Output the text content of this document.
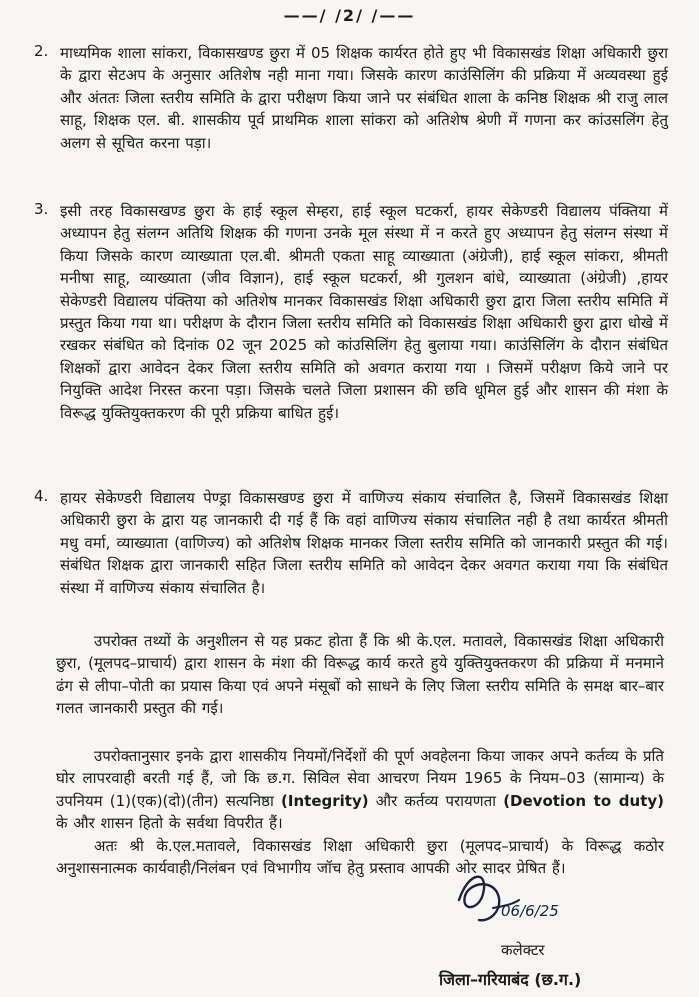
——/ /2/ /——
2. माध्यमिक शाला सांकरा, विकासखण्ड छुरा में 05 शिक्षक कार्यरत होते हुए भी विकासखंड शिक्षा अधिकारी छुरा के द्वारा सेटअप के अनुसार अतिशेष नही माना गया। जिसके कारण काउंसिलिंग की प्रक्रिया में अव्यवस्था हुई और अंततः जिला स्तरीय समिति के द्वारा परीक्षण किया जाने पर संबंधित शाला के कनिष्ठ शिक्षक श्री राजु लाल साहू, शिक्षक एल. बी. शासकीय पूर्व प्राथमिक शाला सांकरा को अतिशेष श्रेणी में गणना कर कांउसलिंग हेतु अलग से सूचित करना पड़ा।
3. इसी तरह विकासखण्ड छुरा के हाई स्कूल सेम्हरा, हाई स्कूल घटकर्रा, हायर सेकेण्डरी विद्यालय पंक्तिया में अध्यापन हेतु संलग्न अतिथि शिक्षक की गणना उनके मूल संस्था में न करते हुए अध्यापन हेतु संलग्न संस्था में किया जिसके कारण व्याख्याता एल.बी. श्रीमती एकता साहू व्याख्याता (अंग्रेजी), हाई स्कूल सांकरा, श्रीमती मनीषा साहू, व्याख्याता (जीव विज्ञान), हाई स्कूल घटकर्रा, श्री गुलशन बांधे, व्याख्याता (अंग्रेजी) ,हायर सेकेण्डरी विद्यालय पंक्तिया को अतिशेष मानकर विकासखंड शिक्षा अधिकारी छुरा द्वारा जिला स्तरीय समिति में प्रस्तुत किया गया था। परीक्षण के दौरान जिला स्तरीय समिति को विकासखंड शिक्षा अधिकारी छुरा द्वारा धोखे में रखकर संबंधित को दिनांक 02 जून 2025 को कांउसिलिंग हेतु बुलाया गया। काउंसिलिंग के दौरान संबंधित शिक्षकों द्वारा आवेदन देकर जिला स्तरीय समिति को अवगत कराया गया । जिसमें परीक्षण किये जाने पर नियुक्ति आदेश निरस्त करना पड़ा। जिसके चलते जिला प्रशासन की छवि धूमिल हुई और शासन की मंशा के विरूद्ध युक्तियुक्तकरण की पूरी प्रक्रिया बाधित हुई।
4. हायर सेकेण्डरी विद्यालय पेण्ड्रा विकासखण्ड छुरा में वाणिज्य संकाय संचालित है, जिसमें विकासखंड शिक्षा अधिकारी छुरा के द्वारा यह जानकारी दी गई हैं कि वहां वाणिज्य संकाय संचालित नही है तथा कार्यरत श्रीमती मधु वर्मा, व्याख्याता (वाणिज्य) को अतिशेष शिक्षक मानकर जिला स्तरीय समिति को जानकारी प्रस्तुत की गई। संबंधित शिक्षक द्वारा जानकारी सहित जिला स्तरीय समिति को आवेदन देकर अवगत कराया गया कि संबंधित संस्था में वाणिज्य संकाय संचालित है।
उपरोक्त तथ्यों के अनुशीलन से यह प्रकट होता हैं कि श्री के.एल. मतावले, विकासखंड शिक्षा अधिकारी छुरा, (मूलपद–प्राचार्य) द्वारा शासन के मंशा की विरूद्ध कार्य करते हुये युक्तियुक्तकरण की प्रक्रिया में मनमाने ढंग से लीपा–पोती का प्रयास किया एवं अपने मंसूबों को साधने के लिए जिला स्तरीय समिति के समक्ष बार–बार गलत जानकारी प्रस्तुत की गई।
उपरोक्तानुसार इनके द्वारा शासकीय नियमों/निर्देशों की पूर्ण अवहेलना किया जाकर अपने कर्तव्य के प्रति घोर लापरवाही बरती गई हैं, जो कि छ.ग. सिविल सेवा आचरण नियम 1965 के नियम–03 (सामान्य) के उपनियम (1)(एक)(दो)(तीन) सत्यनिष्ठा (Integrity) और कर्तव्य परायणता (Devotion to duty) के और शासन हितो के सर्वथा विपरीत हैं।
अतः श्री के.एल.मतावले, विकासखंड शिक्षा अधिकारी छुरा (मूलपद–प्राचार्य) के विरूद्ध कठोर अनुशासनात्मक कार्यवाही/निलंबन एवं विभागीय जॉच हेतु प्रस्ताव आपकी ओर सादर प्रेषित हैं।
06/6/25
कलेक्टर
जिला–गरियाबंद (छ.ग.)
